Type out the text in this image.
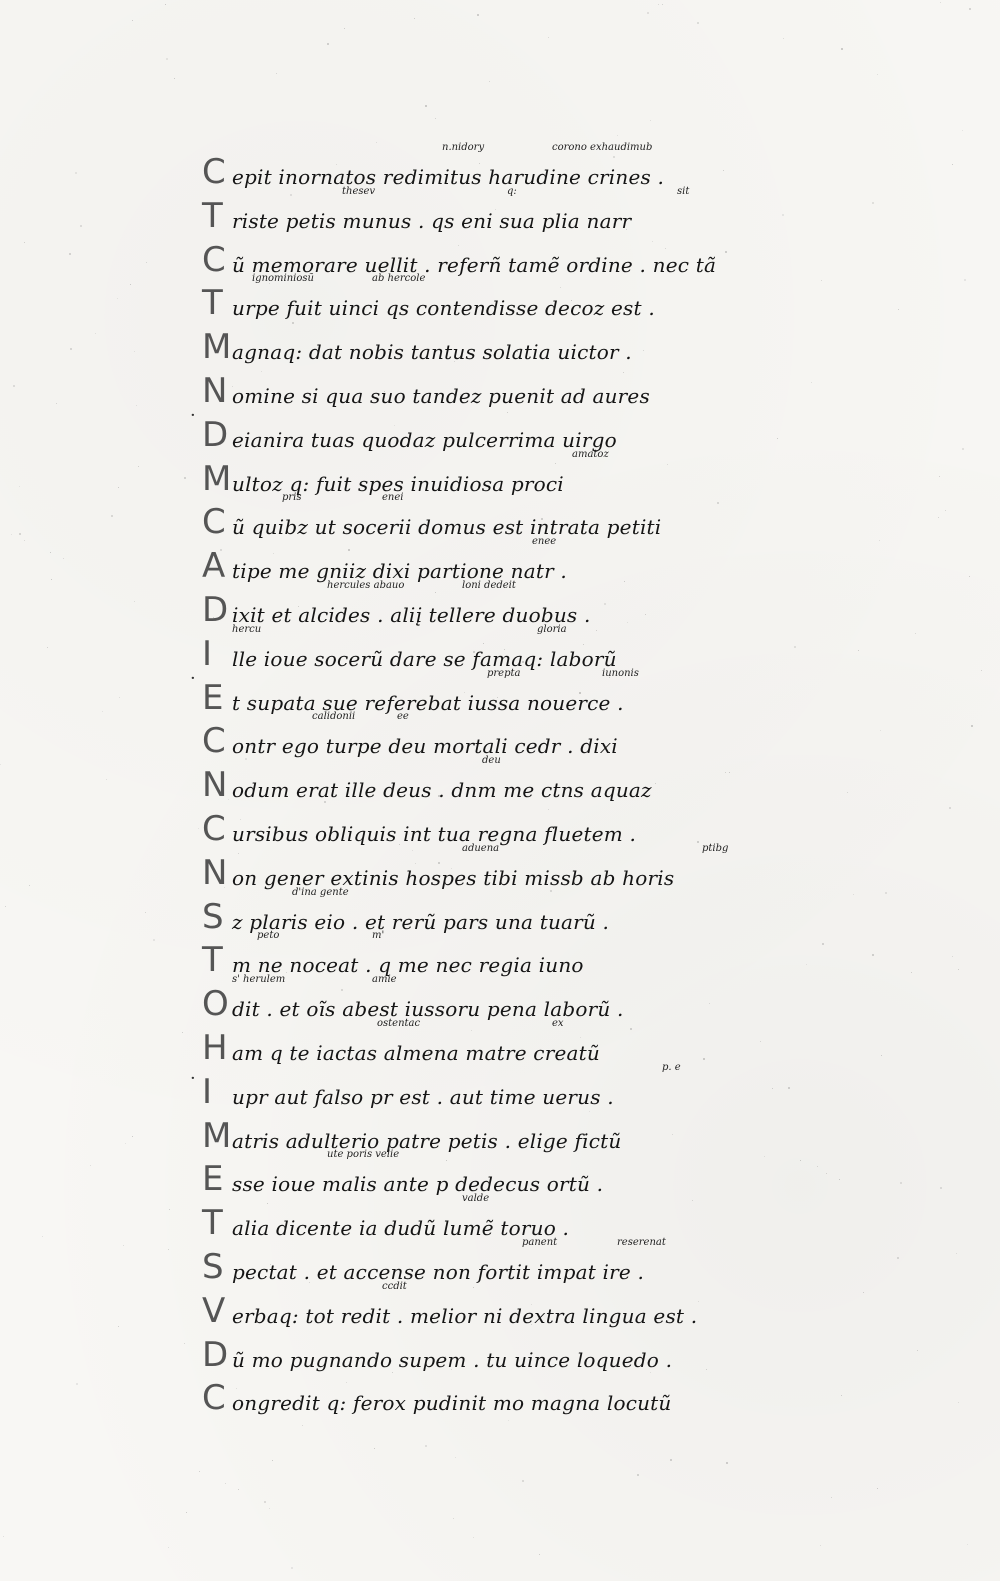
C epit inornatos redimitus harudine crines .
n.nidory	corono exhaudimub
T riste petis munus . qs eni sua plia narr
thesev	q:	sit
C ũ memorare uellit . referñ tamẽ ordine . nec tã
T urpe fuit uinci qs contendisse decoz est .
ignominiosũ	ab hercole
M agnaq: dat nobis tantus solatia uictor .
N omine si qua suo tandez puenit ad aures
D eianira tuas quodaz pulcerrima uirgo
M ultoz q: fuit spes inuidiosa proci
amatoz
C ũ quibz ut socerii domus est intrata petiti
pris	enei
A tipe me gniiz dixi partione natr .
enee
D ixit et alcides . aliį tellere duobus .
hercules abauo	loni dedeit
I lle ioue socerũ dare se famaq: laborũ
hercu	gloria
E t supata sue referebat iussa nouerce .
prepta	iunonis
C ontr ego turpe deu mortali cedr . dixi
calidonii	ee
N odum erat ille deus . dnm me ctns aquaz
deu
C ursibus obliquis int tua regna fluetem .
N on gener extinis hospes tibi missb ab horis
aduena	ptibg
S z plaris eio . et rerũ pars una tuarũ .
d'ina gente
T m ne noceat . q me nec regia iuno
peto	m'
O dit . et oĩs abest iussoru pena laborũ .
s' herulem	amie
H am q te iactas almena matre creatũ
ostentac	ex
I upr aut falso pr est . aut time uerus .
p. e
M atris adulterio patre petis . elige fictũ
E sse ioue malis ante p dedecus ortũ .
ute poris velie
T alia dicente ia dudũ lumẽ toruo .
valde
S pectat . et accense non fortit impat ire .
panent	reserenat
V erbaq: tot redit . melior ni dextra lingua est .
ccdit
D ũ mo pugnando supem . tu uince loquedo .
C ongredit q: ferox pudinit mo magna locutũ
·
·
·
